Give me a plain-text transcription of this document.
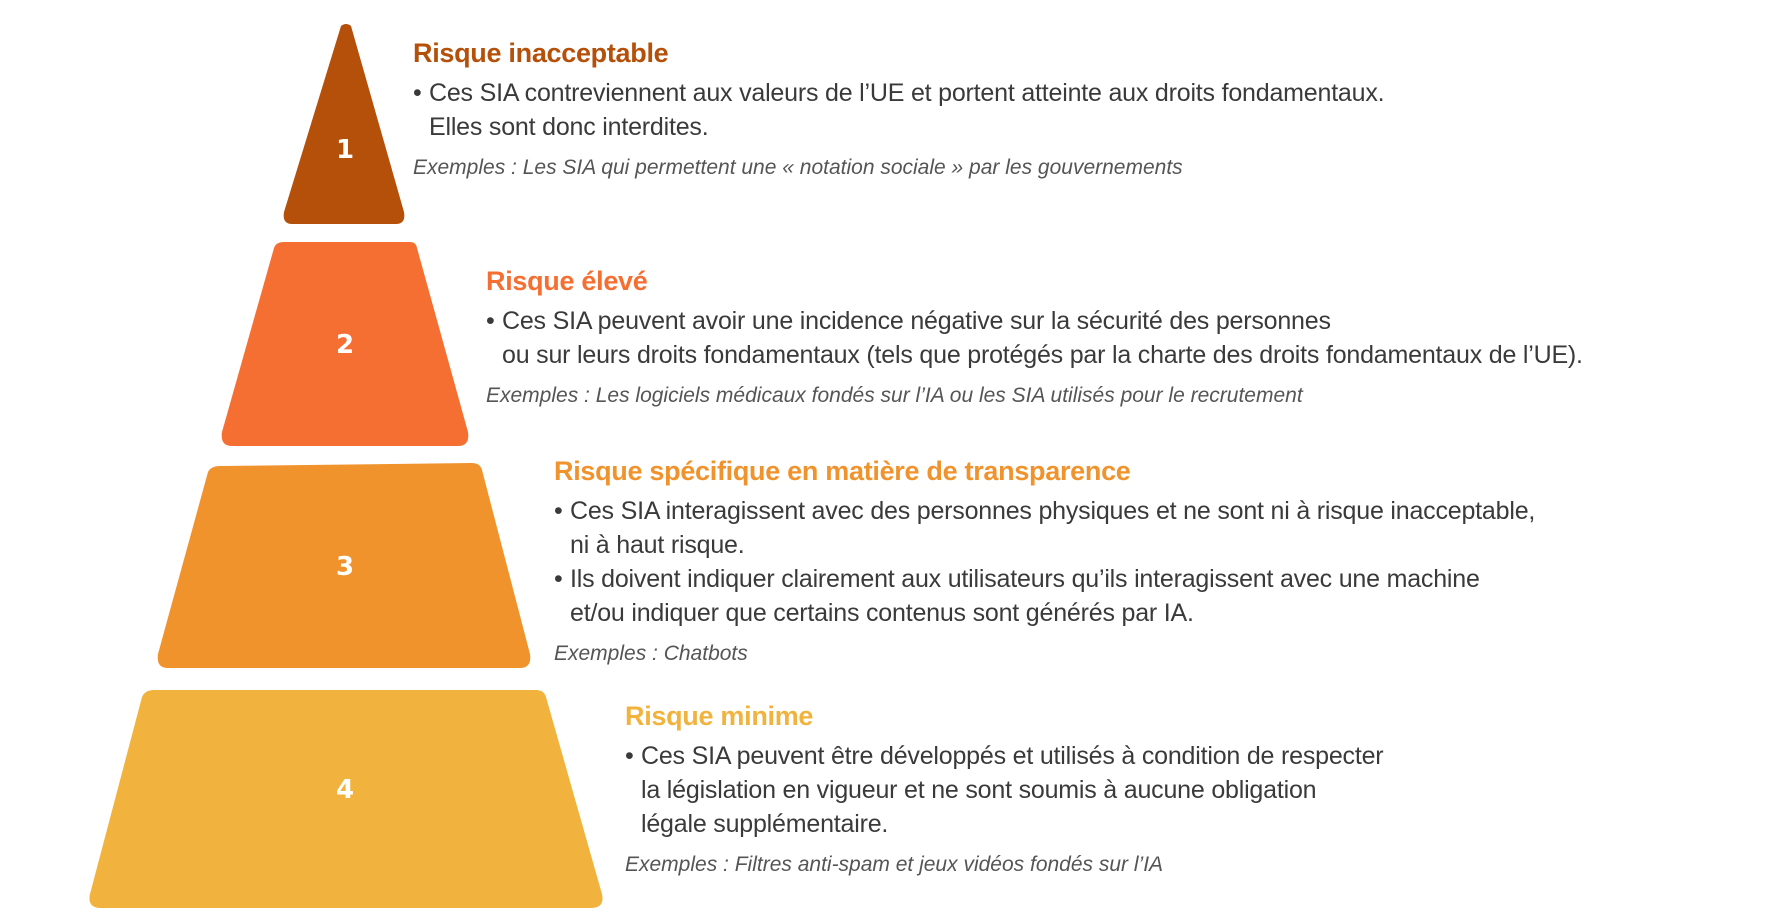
1
2
3
4
Risque inacceptable
• Ces SIA contreviennent aux valeurs de l’UE et portent atteinte aux droits fondamentaux.
Elles sont donc interdites.
Exemples : Les SIA qui permettent une « notation sociale » par les gouvernements
Risque élevé
• Ces SIA peuvent avoir une incidence négative sur la sécurité des personnes
ou sur leurs droits fondamentaux (tels que protégés par la charte des droits fondamentaux de l’UE).
Exemples : Les logiciels médicaux fondés sur l’IA ou les SIA utilisés pour le recrutement
Risque spécifique en matière de transparence
• Ces SIA interagissent avec des personnes physiques et ne sont ni à risque inacceptable,
ni à haut risque.
• Ils doivent indiquer clairement aux utilisateurs qu’ils interagissent avec une machine
et/ou indiquer que certains contenus sont générés par IA.
Exemples : Chatbots
Risque minime
• Ces SIA peuvent être développés et utilisés à condition de respecter
la législation en vigueur et ne sont soumis à aucune obligation
légale supplémentaire.
Exemples : Filtres anti-spam et jeux vidéos fondés sur l’IA
